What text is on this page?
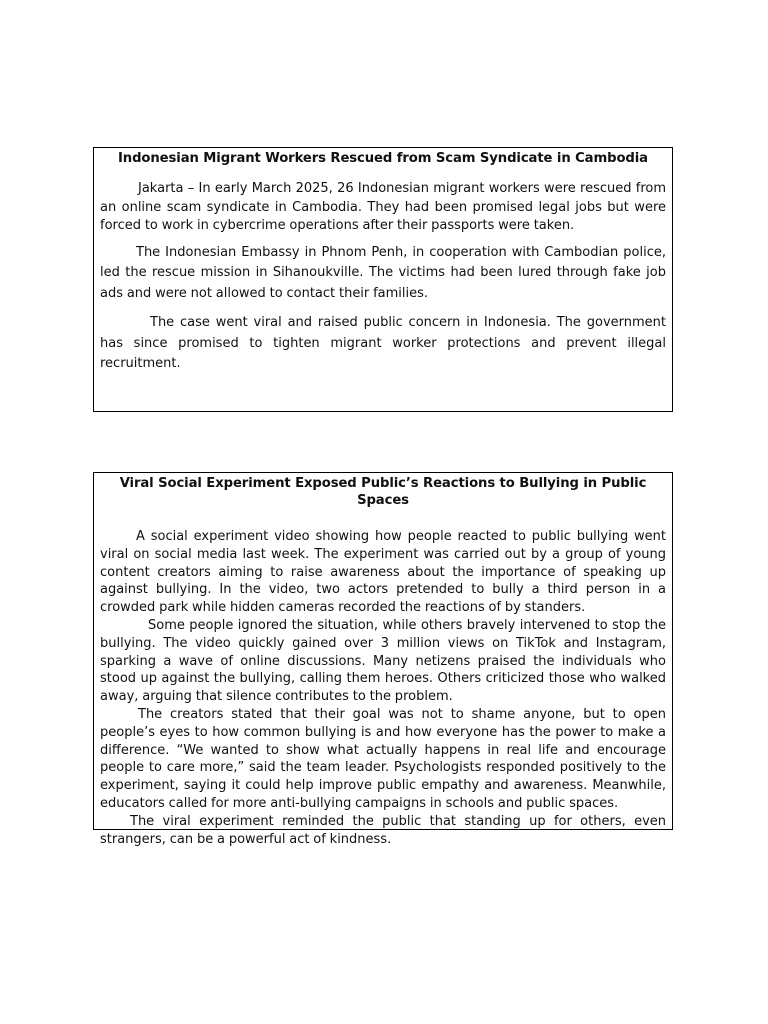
Indonesian Migrant Workers Rescued from Scam Syndicate in Cambodia

Jakarta – In early March 2025, 26 Indonesian migrant workers were rescued from an online scam syndicate in Cambodia. They had been promised legal jobs but were forced to work in cybercrime operations after their passports were taken.

The Indonesian Embassy in Phnom Penh, in cooperation with Cambodian police, led the rescue mission in Sihanoukville. The victims had been lured through fake job ads and were not allowed to contact their families.

The case went viral and raised public concern in Indonesia. The government has since promised to tighten migrant worker protections and prevent illegal recruitment.

Viral Social Experiment Exposed Public’s Reactions to Bullying in Public Spaces

A social experiment video showing how people reacted to public bullying went viral on social media last week. The experiment was carried out by a group of young content creators aiming to raise awareness about the importance of speaking up against bullying. In the video, two actors pretended to bully a third person in a crowded park while hidden cameras recorded the reactions of by standers.

Some people ignored the situation, while others bravely intervened to stop the bullying. The video quickly gained over 3 million views on TikTok and Instagram, sparking a wave of online discussions. Many netizens praised the individuals who stood up against the bullying, calling them heroes. Others criticized those who walked away, arguing that silence contributes to the problem.

The creators stated that their goal was not to shame anyone, but to open people’s eyes to how common bullying is and how everyone has the power to make a difference. “We wanted to show what actually happens in real life and encourage people to care more,” said the team leader. Psychologists responded positively to the experiment, saying it could help improve public empathy and awareness. Meanwhile, educators called for more anti-bullying campaigns in schools and public spaces.

The viral experiment reminded the public that standing up for others, even strangers, can be a powerful act of kindness.
